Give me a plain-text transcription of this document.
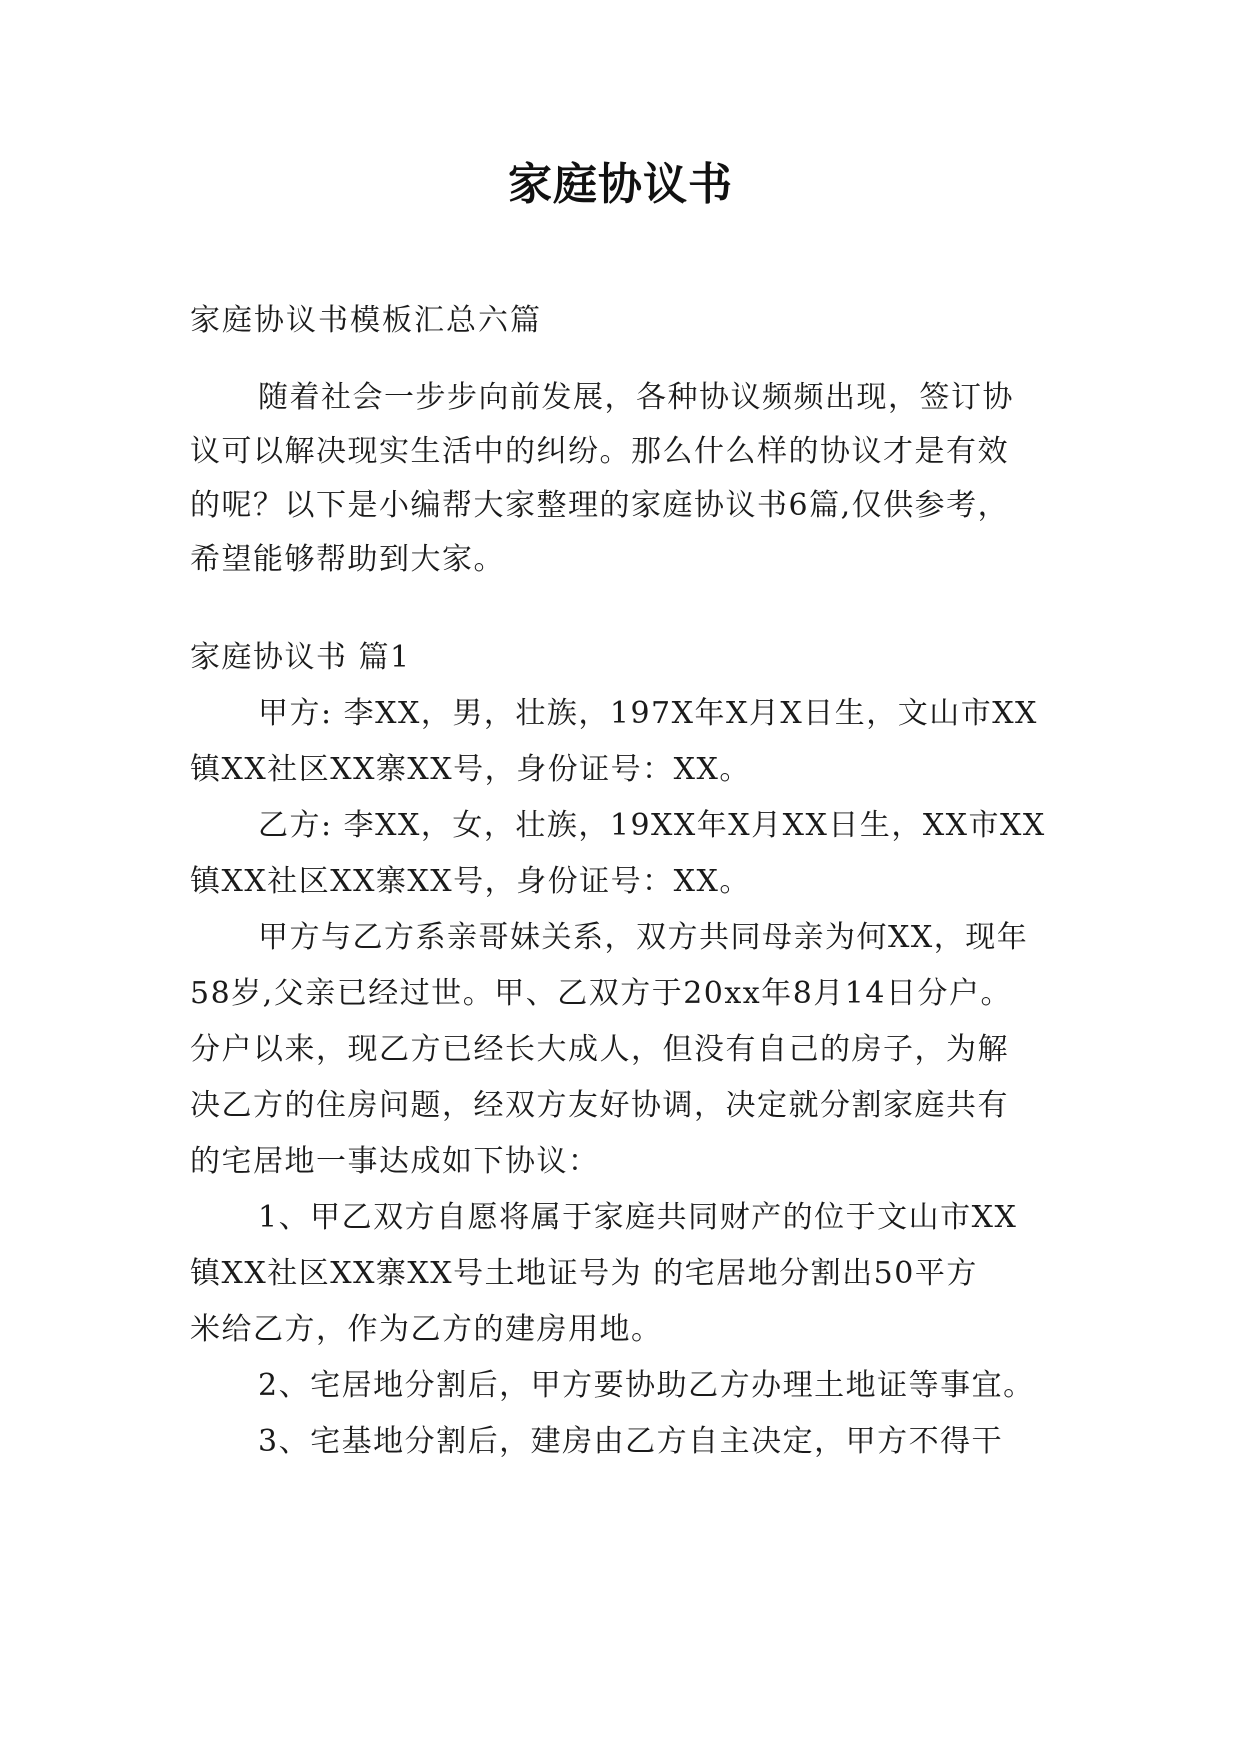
家庭协议书
家庭协议书模板汇总六篇
随着社会一步步向前发展，各种协议频频出现，签订协
议可以解决现实生活中的纠纷。那么什么样的协议才是有效
的呢？以下是小编帮大家整理的家庭协议书6篇,仅供参考，
希望能够帮助到大家。
家庭协议书 篇1
甲方: 李XX，男，壮族，197X年X月X日生，文山市XX
镇XX社区XX寨XX号，身份证号：XX。
乙方: 李XX，女，壮族，19XX年X月XX日生，XX市XX
镇XX社区XX寨XX号，身份证号：XX。
甲方与乙方系亲哥妹关系，双方共同母亲为何XX，现年
58岁,父亲已经过世。甲、乙双方于20xx年8月14日分户。
分户以来，现乙方已经长大成人，但没有自己的房子，为解
决乙方的住房问题，经双方友好协调，决定就分割家庭共有
的宅居地一事达成如下协议：
1、甲乙双方自愿将属于家庭共同财产的位于文山市XX
镇XX社区XX寨XX号土地证号为 的宅居地分割出50平方
米给乙方，作为乙方的建房用地。
2、宅居地分割后，甲方要协助乙方办理土地证等事宜。
3、宅基地分割后，建房由乙方自主决定，甲方不得干
